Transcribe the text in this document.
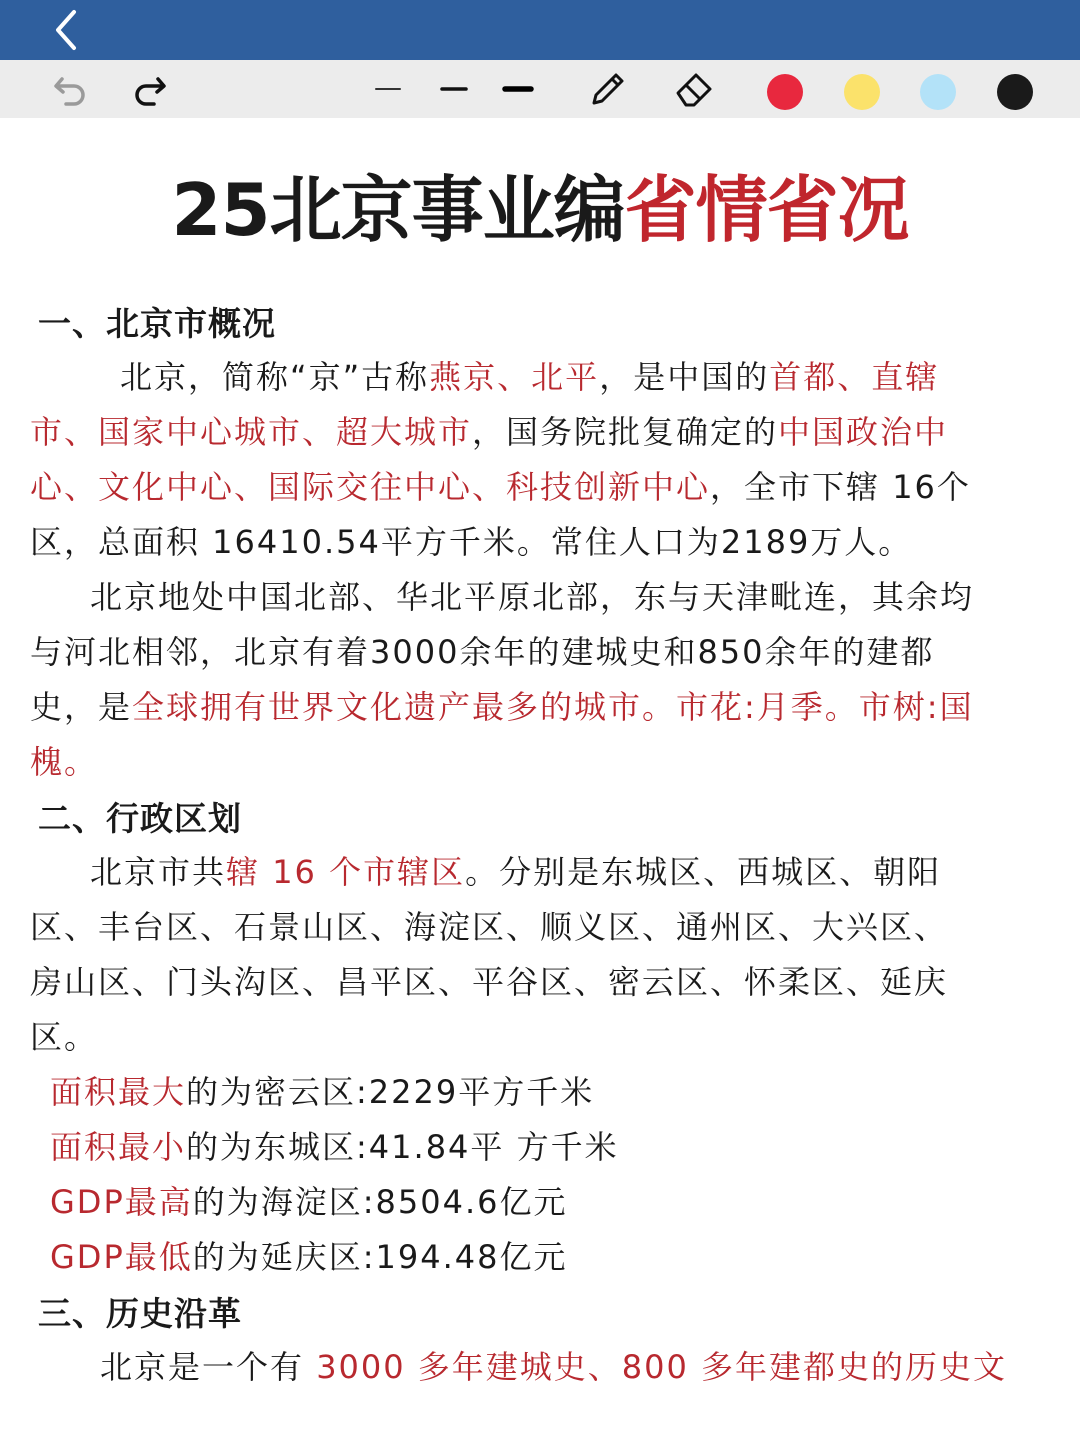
25北京事业编省情省况
一、北京市概况
北京，简称“京”古称燕京、北平，是中国的首都、直辖
市、国家中心城市、超大城市，国务院批复确定的中国政治中
心、文化中心、国际交往中心、科技创新中心，全市下辖 16个
区，总面积 16410.54平方千米。常住人口为2189万人。
北京地处中国北部、华北平原北部，东与天津毗连，其余均
与河北相邻，北京有着3000余年的建城史和850余年的建都
史，是全球拥有世界文化遗产最多的城市。市花:月季。市树:国
槐。
二、行政区划
北京市共辖 16 个市辖区。分别是东城区、西城区、朝阳
区、丰台区、石景山区、海淀区、顺义区、通州区、大兴区、
房山区、门头沟区、昌平区、平谷区、密云区、怀柔区、延庆
区。
面积最大的为密云区:2229平方千米
面积最小的为东城区:41.84平 方千米
GDP最高的为海淀区:8504.6亿元
GDP最低的为延庆区:194.48亿元
三、历史沿革
北京是一个有 3000 多年建城史、800 多年建都史的历史文
